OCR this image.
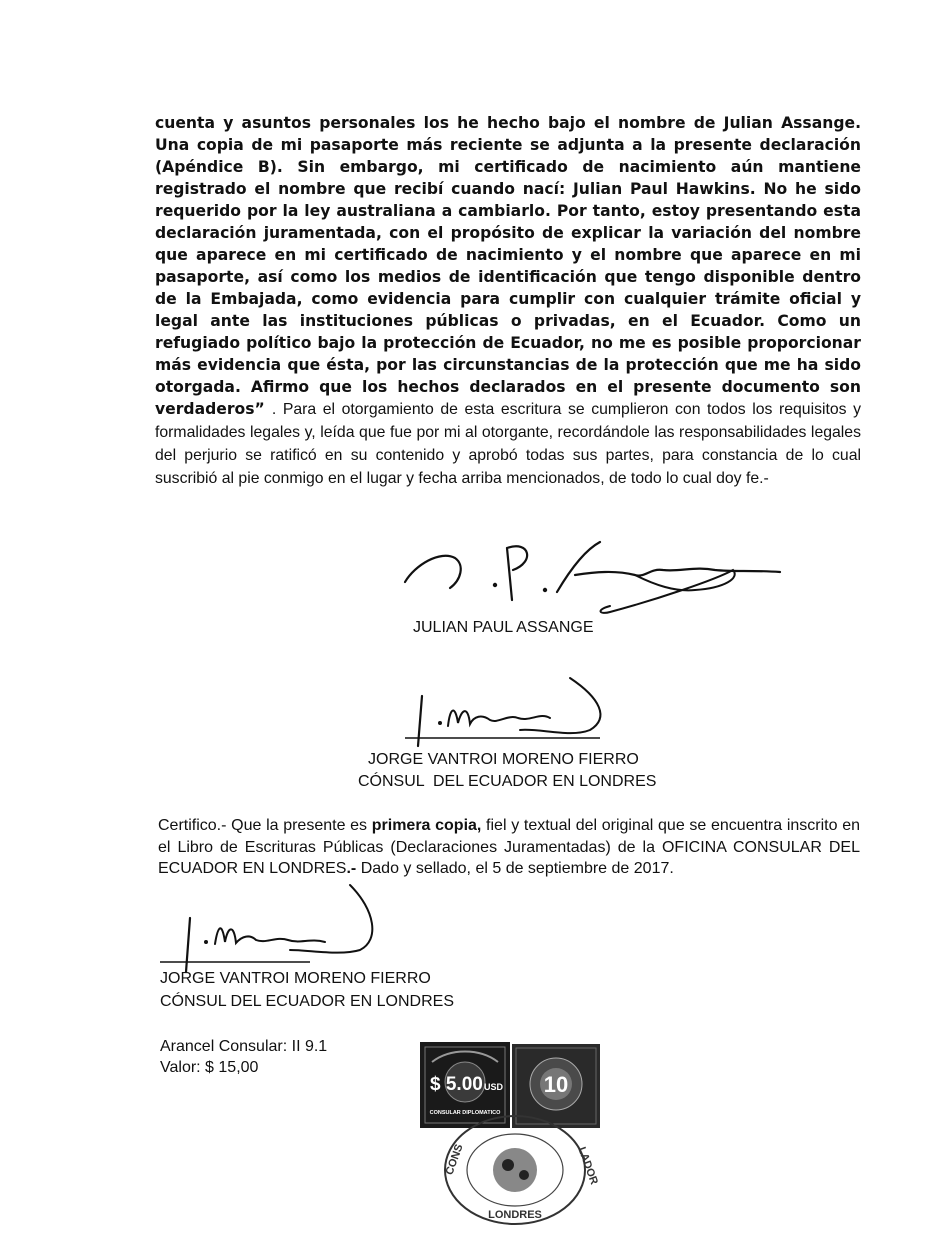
cuenta y asuntos personales los he hecho bajo el nombre de Julian Assange. Una copia de mi pasaporte más reciente se adjunta a la presente declaración (Apéndice B). Sin embargo, mi certificado de nacimiento aún mantiene registrado el nombre que recibí cuando nací: Julian Paul Hawkins. No he sido requerido por la ley australiana a cambiarlo. Por tanto, estoy presentando esta declaración juramentada, con el propósito de explicar la variación del nombre que aparece en mi certificado de nacimiento y el nombre que aparece en mi pasaporte, así como los medios de identificación que tengo disponible dentro de la Embajada, como evidencia para cumplir con cualquier trámite oficial y legal ante las instituciones públicas o privadas, en el Ecuador. Como un refugiado político bajo la protección de Ecuador, no me es posible proporcionar más evidencia que ésta, por las circunstancias de la protección que me ha sido otorgada. Afirmo que los hechos declarados en el presente documento son verdaderos” . Para el otorgamiento de esta escritura se cumplieron con todos los requisitos y formalidades legales y, leída que fue por mi al otorgante, recordándole las responsabilidades legales del perjurio se ratificó en su contenido y aprobó todas sus partes, para constancia de lo cual suscribió al pie conmigo en el lugar y fecha arriba mencionados, de todo lo cual doy fe.-

JULIAN PAUL ASSANGE
JORGE VANTROI MORENO FIERRO
CÓNSUL  DEL ECUADOR EN LONDRES

Certifico.- Que la presente es primera copia, fiel y textual del original que se encuentra inscrito en el Libro de Escrituras Públicas (Declaraciones Juramentadas) de la OFICINA CONSULAR DEL ECUADOR EN LONDRES.- Dado y sellado, el 5 de septiembre de 2017.

JORGE VANTROI MORENO FIERRO
CÓNSUL DEL ECUADOR EN LONDRES
Arancel Consular: II 9.1
Valor: $ 15,00
$ 5.00 USD
CONSULAR DIPLOMATICO
10
CONS	LADOR
LONDRES
